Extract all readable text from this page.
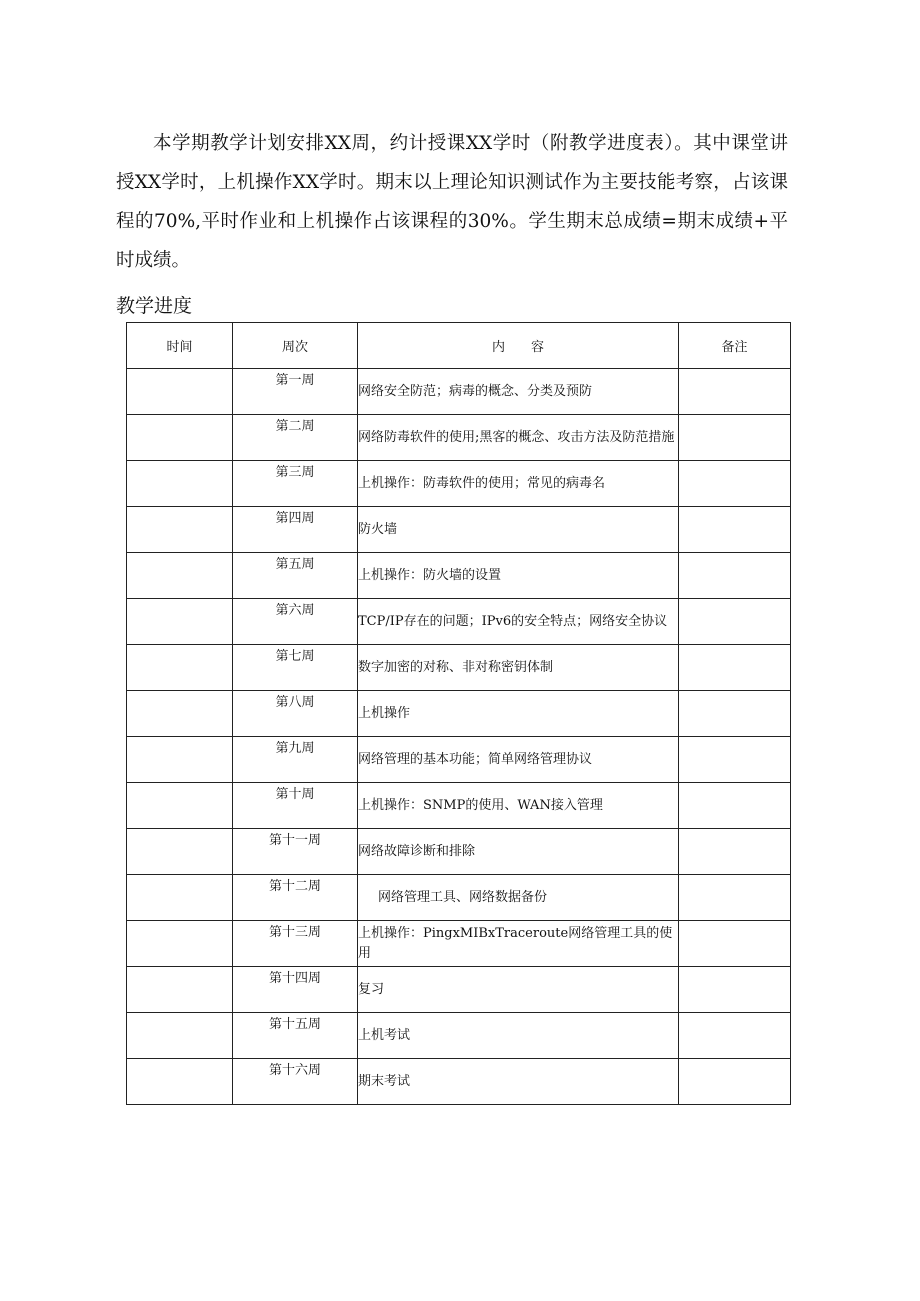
本学期教学计划安排XX周，约计授课XX学时（附教学进度表）。其中课堂讲授XX学时，上机操作XX学时。期末以上理论知识测试作为主要技能考察，占该课程的70%,平时作业和上机操作占该课程的30%。学生期末总成绩=期末成绩+平时成绩。

教学进度
时间	周次	内　　容	备注
	第一周	网络安全防范；病毒的概念、分类及预防	
	第二周	网络防毒软件的使用;黑客的概念、攻击方法及防范措施	
	第三周	上机操作：防毒软件的使用；常见的病毒名	
	第四周	防火墙	
	第五周	上机操作：防火墙的设置	
	第六周	TCP/IP存在的问题；IPv6的安全特点；网络安全协议	
	第七周	数字加密的对称、非对称密钥体制	
	第八周	上机操作	
	第九周	网络管理的基本功能；简单网络管理协议	
	第十周	上机操作：SNMP的使用、WAN接入管理	
	第十一周	网络故障诊断和排除	
	第十二周	网络管理工具、网络数据备份	
	第十三周	上机操作：PingxMIBxTraceroute网络管理工具的使用	
	第十四周	复习	
	第十五周	上机考试	
	第十六周	期末考试	
